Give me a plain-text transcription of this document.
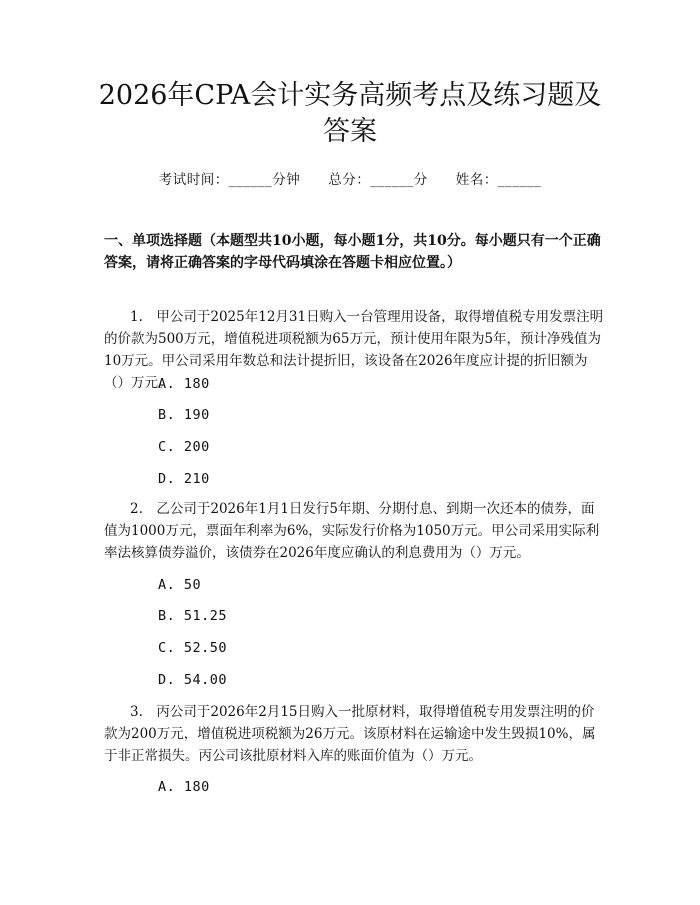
2026年CPA会计实务高频考点及练习题及答案
考试时间：______分钟 总分：______分 姓名：______

一、单项选择题（本题型共10小题，每小题1分，共10分。每小题只有一个正确答案，请将正确答案的字母代码填涂在答题卡相应位置。）

1.　甲公司于2025年12月31日购入一台管理用设备，取得增值税专用发票注明的价款为500万元，增值税进项税额为65万元，预计使用年限为5年，预计净残值为10万元。甲公司采用年数总和法计提折旧，该设备在2026年度应计提的折旧额为（）万元。

A. 180
B. 190
C. 200
D. 210

2.　乙公司于2026年1月1日发行5年期、分期付息、到期一次还本的债券，面值为1000万元，票面年利率为6%，实际发行价格为1050万元。甲公司采用实际利率法核算债券溢价，该债券在2026年度应确认的利息费用为（）万元。

A. 50
B. 51.25
C. 52.50
D. 54.00

3.　丙公司于2026年2月15日购入一批原材料，取得增值税专用发票注明的价款为200万元，增值税进项税额为26万元。该原材料在运输途中发生毁损10%，属于非正常损失。丙公司该批原材料入库的账面价值为（）万元。

A. 180
